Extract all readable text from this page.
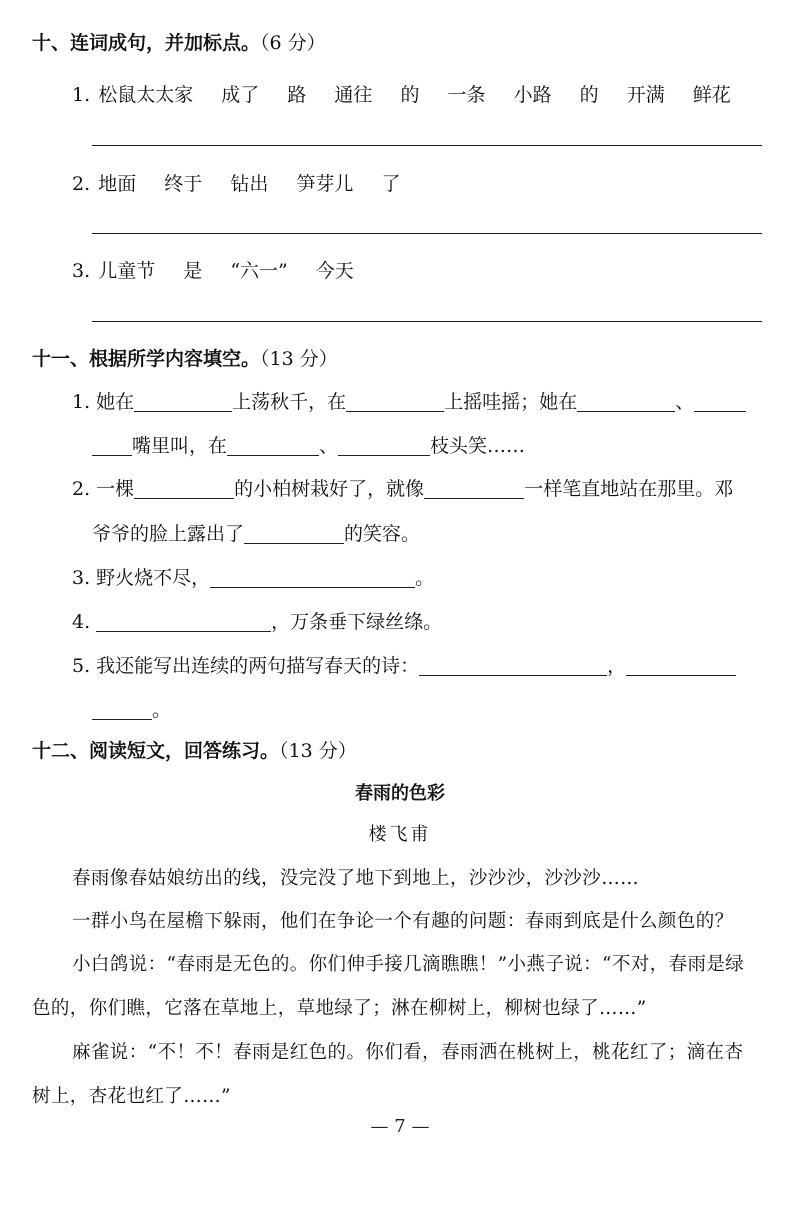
十、连词成句，并加标点。（6 分）
1. 松鼠太太家 成了 路 通往 的 一条 小路 的 开满 鲜花
2. 地面 终于 钻出 笋芽儿 了
3. 儿童节 是 “六一” 今天
十一、根据所学内容填空。（13 分）
1. 她在	上荡秋千，在	上摇哇摇；她在	、
嘴里叫，在	、	枝头笑……
2. 一棵	的小柏树栽好了，就像	一样笔直地站在那里。邓
爷爷的脸上露出了	的笑容。
3. 野火烧不尽，	。
4.	，万条垂下绿丝绦。
5. 我还能写出连续的两句描写春天的诗：	，
。
十二、阅读短文，回答练习。（13 分）
春雨的色彩
楼飞甫
春雨像春姑娘纺出的线，没完没了地下到地上，沙沙沙，沙沙沙……
一群小鸟在屋檐下躲雨，他们在争论一个有趣的问题：春雨到底是什么颜色的？
小白鸽说：“春雨是无色的。你们伸手接几滴瞧瞧！”小燕子说：“不对，春雨是绿
色的，你们瞧，它落在草地上，草地绿了；淋在柳树上，柳树也绿了……”
麻雀说：“不！不！春雨是红色的。你们看，春雨洒在桃树上，桃花红了；滴在杏
树上，杏花也红了……”
— 7 —
